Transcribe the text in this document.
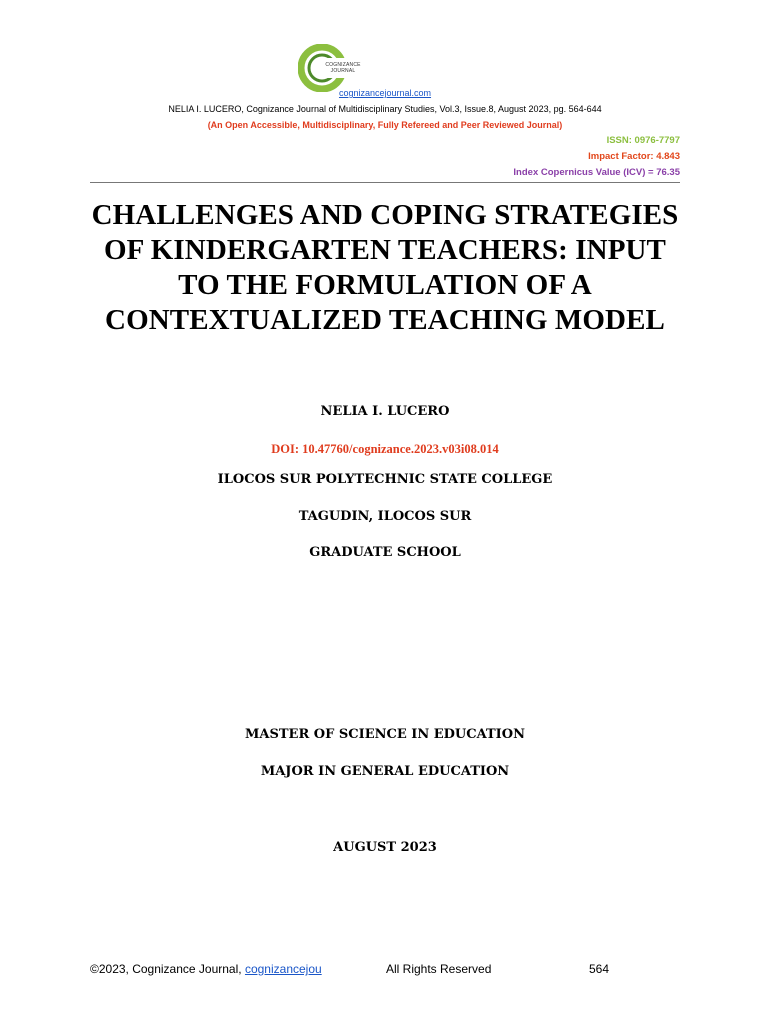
COGNIZANCE
JOURNAL
cognizancejournal.com
NELIA I. LUCERO, Cognizance Journal of Multidisciplinary Studies, Vol.3, Issue.8, August 2023, pg. 564-644
(An Open Accessible, Multidisciplinary, Fully Refereed and Peer Reviewed Journal)
ISSN: 0976-7797
Impact Factor: 4.843
Index Copernicus Value (ICV) = 76.35
CHALLENGES AND COPING STRATEGIES
OF KINDERGARTEN TEACHERS: INPUT
TO THE FORMULATION OF A
CONTEXTUALIZED TEACHING MODEL
NELIA I. LUCERO
DOI: 10.47760/cognizance.2023.v03i08.014
ILOCOS SUR POLYTECHNIC STATE COLLEGE
TAGUDIN, ILOCOS SUR
GRADUATE SCHOOL
MASTER OF SCIENCE IN EDUCATION
MAJOR IN GENERAL EDUCATION
AUGUST 2023
©2023, Cognizance Journal, cognizancejou	All Rights Reserved	564
